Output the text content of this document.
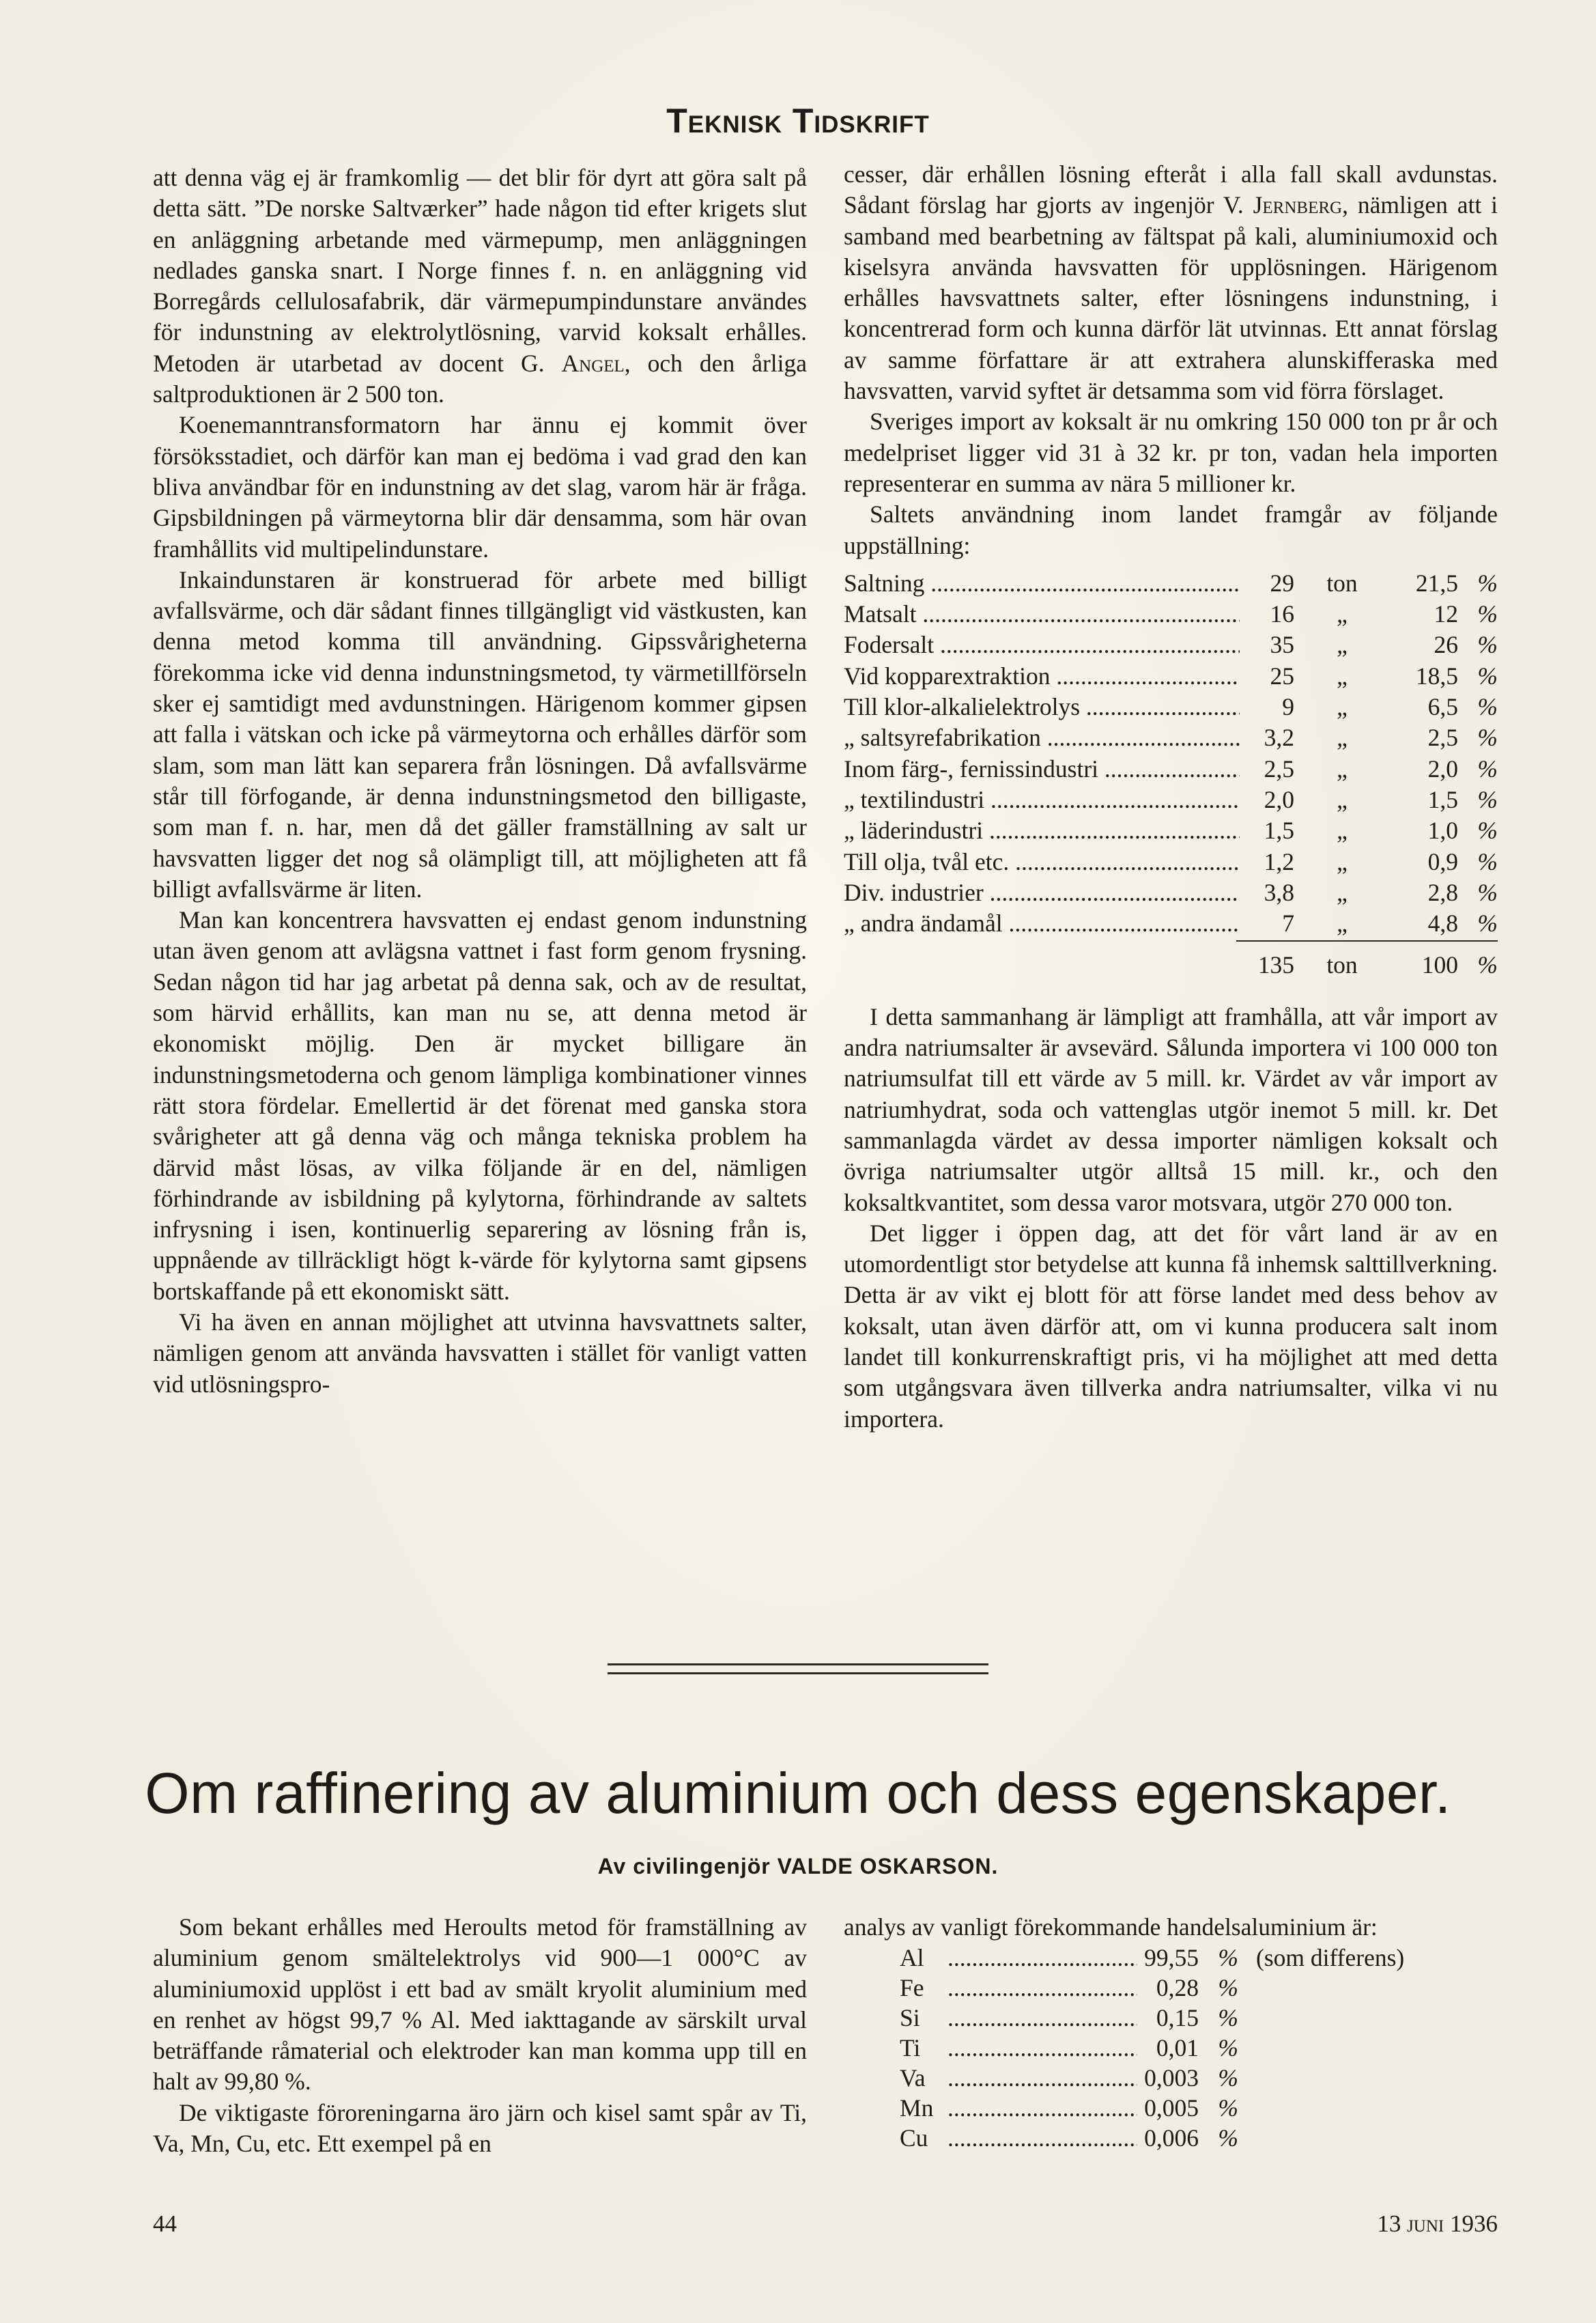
Teknisk Tidskrift

att denna väg ej är framkomlig — det blir för dyrt att göra salt på detta sätt. ”De norske Saltværker” hade någon tid efter krigets slut en anläggning arbetande med värmepump, men anläggningen nedlades ganska snart. I Norge finnes f. n. en anläggning vid Borregårds cellulosafabrik, där värmepumpindunstare användes för indunstning av elektrolytlösning, varvid koksalt erhålles. Metoden är utarbetad av docent G. Angel, och den årliga saltproduktionen är 2 500 ton.

Koenemanntransformatorn har ännu ej kommit över försöksstadiet, och därför kan man ej bedöma i vad grad den kan bliva användbar för en indunstning av det slag, varom här är fråga. Gipsbildningen på värmeytorna blir där densamma, som här ovan framhållits vid multipelindunstare.

Inkaindunstaren är konstruerad för arbete med billigt avfallsvärme, och där sådant finnes tillgängligt vid västkusten, kan denna metod komma till användning. Gipssvårigheterna förekomma icke vid denna indunstningsmetod, ty värmetillförseln sker ej samtidigt med avdunstningen. Härigenom kommer gipsen att falla i vätskan och icke på värmeytorna och erhålles därför som slam, som man lätt kan separera från lösningen. Då avfallsvärme står till förfogande, är denna indunstningsmetod den billigaste, som man f. n. har, men då det gäller framställning av salt ur havsvatten ligger det nog så olämpligt till, att möjligheten att få billigt avfallsvärme är liten.

Man kan koncentrera havsvatten ej endast genom indunstning utan även genom att avlägsna vattnet i fast form genom frysning. Sedan någon tid har jag arbetat på denna sak, och av de resultat, som härvid erhållits, kan man nu se, att denna metod är ekonomiskt möjlig. Den är mycket billigare än indunstningsmetoderna och genom lämpliga kombinationer vinnes rätt stora fördelar. Emellertid är det förenat med ganska stora svårigheter att gå denna väg och många tekniska problem ha därvid måst lösas, av vilka följande är en del, nämligen förhindrande av isbildning på kylytorna, förhindrande av saltets infrysning i isen, kontinuerlig separering av lösning från is, uppnående av tillräckligt högt k-värde för kylytorna samt gipsens bortskaffande på ett ekonomiskt sätt.

Vi ha även en annan möjlighet att utvinna havsvattnets salter, nämligen genom att använda havsvatten i stället för vanligt vatten vid utlösningspro-

cesser, där erhållen lösning efteråt i alla fall skall avdunstas. Sådant förslag har gjorts av ingenjör V. Jernberg, nämligen att i samband med bearbetning av fältspat på kali, aluminiumoxid och kiselsyra använda havsvatten för upplösningen. Härigenom erhålles havsvattnets salter, efter lösningens indunstning, i koncentrerad form och kunna därför lät utvinnas. Ett annat förslag av samme författare är att extrahera alunskifferaska med havsvatten, varvid syftet är detsamma som vid förra förslaget.

Sveriges import av koksalt är nu omkring 150 000 ton pr år och medelpriset ligger vid 31 à 32 kr. pr ton, vadan hela importen representerar en summa av nära 5 millioner kr.

Saltets användning inom landet framgår av följande uppställning:

Saltning .....	29	ton	21,5 %
Matsalt .....	16	„	12 %
Fodersalt .....	35	„	26 %
Vid kopparextraktion .....	25	„	18,5 %
Till klor-alkalielektrolys .....	9	„	6,5 %
„ saltsyrefabrikation .....	3,2	„	2,5 %
Inom färg-, fernissindustri .....	2,5	„	2,0 %
„ textilindustri .....	2,0	„	1,5 %
„ läderindustri .....	1,5	„	1,0 %
Till olja, tvål etc. .....	1,2	„	0,9 %
Div. industrier .....	3,8	„	2,8 %
„ andra ändamål .....	7	„	4,8 %
135	ton	100 %

I detta sammanhang är lämpligt att framhålla, att vår import av andra natriumsalter är avsevärd. Sålunda importera vi 100 000 ton natriumsulfat till ett värde av 5 mill. kr. Värdet av vår import av natriumhydrat, soda och vattenglas utgör inemot 5 mill. kr. Det sammanlagda värdet av dessa importer nämligen koksalt och övriga natriumsalter utgör alltså 15 mill. kr., och den koksaltkvantitet, som dessa varor motsvara, utgör 270 000 ton.

Det ligger i öppen dag, att det för vårt land är av en utomordentligt stor betydelse att kunna få inhemsk salttillverkning. Detta är av vikt ej blott för att förse landet med dess behov av koksalt, utan även därför att, om vi kunna producera salt inom landet till konkurrenskraftigt pris, vi ha möjlighet att med detta som utgångsvara även tillverka andra natriumsalter, vilka vi nu importera.

Om raffinering av aluminium och dess egenskaper.
Av civilingenjör VALDE OSKARSON.

Som bekant erhålles med Heroults metod för framställning av aluminium genom smältelektrolys vid 900—1 000°C av aluminiumoxid upplöst i ett bad av smält kryolit aluminium med en renhet av högst 99,7 % Al. Med iakttagande av särskilt urval beträffande råmaterial och elektroder kan man komma upp till en halt av 99,80 %.

De viktigaste föroreningarna äro järn och kisel samt spår av Ti, Va, Mn, Cu, etc. Ett exempel på en

analys av vanligt förekommande handelsaluminium är:

Al .....	99,55 % (som differens)
Fe .....	0,28 %
Si .....	0,15 %
Ti .....	0,01 %
Va .....	0,003 %
Mn .....	0,005 %
Cu .....	0,006 %
44	13 juni 1936
